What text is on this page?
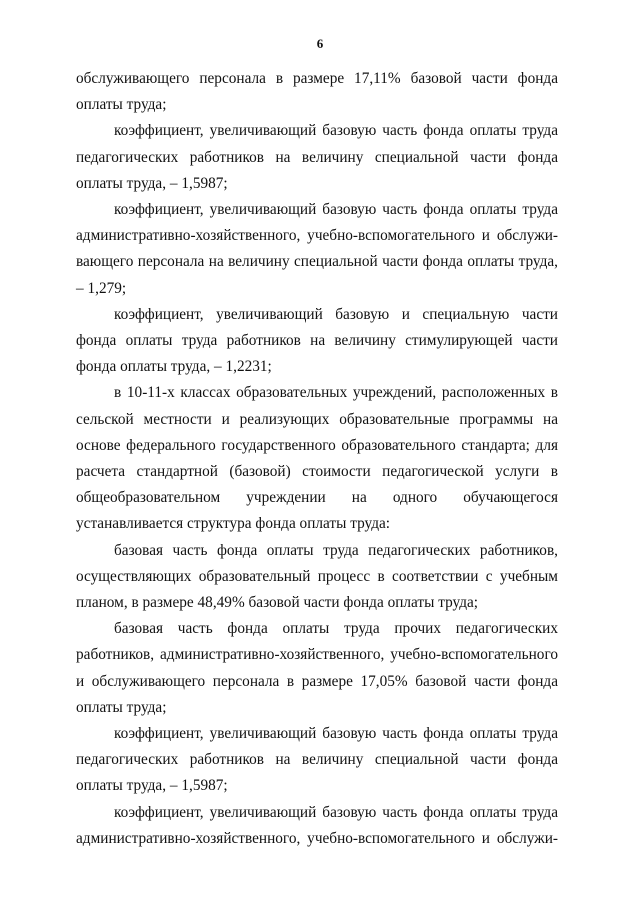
6

обслуживающего персонала в размере 17,11% базовой части фонда оплаты труда;

коэффициент, увеличивающий базовую часть фонда оплаты труда педагогических работников на величину специальной части фонда оплаты труда, – 1,5987;

коэффициент, увеличивающий базовую часть фонда оплаты труда административно-хозяйственного, учебно-вспомогательного и обслужи-вающего персонала на величину специальной части фонда оплаты труда, – 1,279;

коэффициент, увеличивающий базовую и специальную части фонда оплаты труда работников на величину стимулирующей части фонда оплаты труда, – 1,2231;

в 10-11-х классах образовательных учреждений, расположенных в сельской местности и реализующих образовательные программы на основе федерального государственного образовательного стандарта; для расчета стандартной (базовой) стоимости педагогической услуги в общеобразовательном учреждении на одного обучающегося устанавливается структура фонда оплаты труда:

базовая часть фонда оплаты труда педагогических работников, осуществляющих образовательный процесс в соответствии с учебным планом, в размере 48,49% базовой части фонда оплаты труда;

базовая часть фонда оплаты труда прочих педагогических работников, административно-хозяйственного, учебно-вспомогательного и обслуживающего персонала в размере 17,05% базовой части фонда оплаты труда;

коэффициент, увеличивающий базовую часть фонда оплаты труда педагогических работников на величину специальной части фонда оплаты труда, – 1,5987;

коэффициент, увеличивающий базовую часть фонда оплаты труда административно-хозяйственного, учебно-вспомогательного и обслужи-
